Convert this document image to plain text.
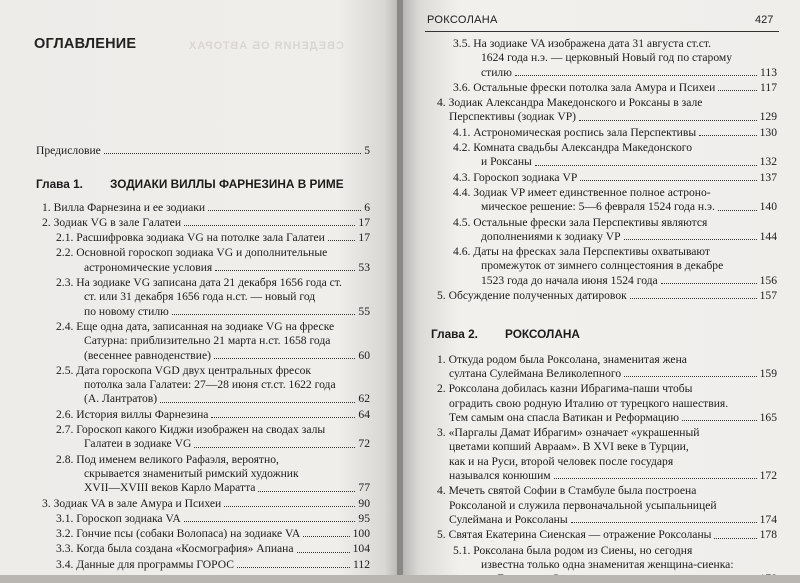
СВЕДЕНИЯ ОБ АВТОРАХ
ОГЛАВЛЕНИЕ
Предисловие	5
Глава 1.	ЗОДИАКИ ВИЛЛЫ ФАРНЕЗИНА В РИМЕ
1. Вилла Фарнезина и ее зодиаки	6
2. Зодиак VG в зале Галатеи	17
2.1. Расшифровка зодиака VG на потолке зала Галатеи	17
2.2. Основной гороскоп зодиака VG и дополнительные
астрономические условия	53
2.3. На зодиаке VG записана дата 21 декабря 1656 года ст.
ст. или 31 декабря 1656 года н.ст. — новый год
по новому стилю	55
2.4. Еще одна дата, записанная на зодиаке VG на фреске
Сатурна: приблизительно 21 марта н.ст. 1658 года
(весеннее равноденствие)	60
2.5. Дата гороскопа VGD двух центральных фресок
потолка зала Галатеи: 27—28 июня ст.ст. 1622 года
(А. Лантратов)	62
2.6. История виллы Фарнезина	64
2.7. Гороскоп какого Киджи изображен на сводах залы
Галатеи в зодиаке VG	72
2.8. Под именем великого Рафаэля, вероятно,
скрывается знаменитый римский художник
XVII—XVIII веков Карло Маратта	77
3. Зодиак VA в зале Амура и Психеи	90
3.1. Гороскоп зодиака VA	95
3.2. Гончие псы (собаки Волопаса) на зодиаке VA	100
3.3. Когда была создана «Космография» Апиана	104
3.4. Данные для программы ГОРОС	112
РОКСОЛАНА	427
3.5. На зодиаке VA изображена дата 31 августа ст.ст.
1624 года н.э. — церковный Новый год по старому
стилю	113
3.6. Остальные фрески потолка зала Амура и Психеи	117
4. Зодиак Александра Македонского и Роксаны в зале
Перспективы (зодиак VP)	129
4.1. Астрономическая роспись зала Перспективы	130
4.2. Комната свадьбы Александра Македонского
и Роксаны	132
4.3. Гороскоп зодиака VP	137
4.4. Зодиак VP имеет единственное полное астроно-
мическое решение: 5—6 февраля 1524 года н.э.	140
4.5. Остальные фрески зала Перспективы являются
дополнениями к зодиаку VP	144
4.6. Даты на фресках зала Перспективы охватывают
промежуток от зимнего солнцестояния в декабре
1523 года до начала июня 1524 года	156
5. Обсуждение полученных датировок	157
Глава 2.	РОКСОЛАНА
1. Откуда родом была Роксолана, знаменитая жена
султана Сулеймана Великолепного	159
2. Роксолана добилась казни Ибрагима-паши чтобы
оградить свою родную Италию от турецкого нашествия.
Тем самым она спасла Ватикан и Реформацию	165
3. «Паргалы Дамат Ибрагим» означает «украшенный
цветами копший Авраам». В XVI веке в Турции,
как и на Руси, второй человек после государя
назывался конюшим	172
4. Мечеть святой Софии в Стамбуле была построена
Роксоланой и служила первоначальной усыпальницей
Сулеймана и Роксоланы	174
5. Святая Екатерина Сиенская — отражение Роксоланы	178
5.1. Роксолана была родом из Сиены, но сегодня
известна только одна знаменитая женщина-сиенка:
